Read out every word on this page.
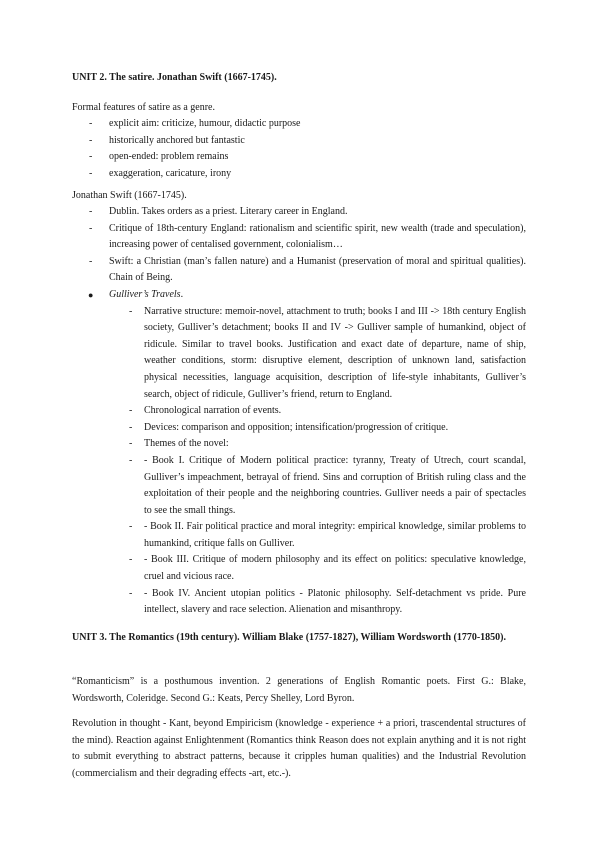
UNIT 2. The satire. Jonathan Swift (1667-1745).
Formal features of satire as a genre.
- explicit aim: criticize, humour, didactic purpose
- historically anchored but fantastic
- open-ended: problem remains
- exaggeration, caricature, irony
Jonathan Swift (1667-1745).
- Dublin. Takes orders as a priest. Literary career in England.
- Critique of 18th-century England: rationalism and scientific spirit, new wealth (trade and speculation), increasing power of centalised government, colonialism…
- Swift: a Christian (man’s fallen nature) and a Humanist (preservation of moral and spiritual qualities). Chain of Being.
● Gulliver’s Travels.
- Narrative structure: memoir-novel, attachment to truth; books I and III -> 18th century English society, Gulliver’s detachment; books II and IV -> Gulliver sample of humankind, object of ridicule. Similar to travel books. Justification and exact date of departure, name of ship, weather conditions, storm: disruptive element, description of unknown land, satisfaction physical necessities, language acquisition, description of life-style inhabitants, Gulliver’s search, object of ridicule, Gulliver’s friend, return to England.
- Chronological narration of events.
- Devices: comparison and opposition; intensification/progression of critique.
- Themes of the novel:
- - Book I. Critique of Modern political practice: tyranny, Treaty of Utrech, court scandal, Gulliver’s impeachment, betrayal of friend. Sins and corruption of British ruling class and the exploitation of their people and the neighboring countries. Gulliver needs a pair of spectacles to see the small things.
- - Book II. Fair political practice and moral integrity: empirical knowledge, similar problems to humankind, critique falls on Gulliver.
- - Book III. Critique of modern philosophy and its effect on politics: speculative knowledge, cruel and vicious race.
- - Book IV. Ancient utopian politics - Platonic philosophy. Self-detachment vs pride. Pure intellect, slavery and race selection. Alienation and misanthropy.
UNIT 3. The Romantics (19th century). William Blake (1757-1827), William Wordsworth (1770-1850).
“Romanticism” is a posthumous invention. 2 generations of English Romantic poets. First G.: Blake, Wordsworth, Coleridge. Second G.: Keats, Percy Shelley, Lord Byron.
Revolution in thought - Kant, beyond Empiricism (knowledge - experience + a priori, trascendental structures of the mind). Reaction against Enlightenment (Romantics think Reason does not explain anything and it is not right to submit everything to abstract patterns, because it cripples human qualities) and the Industrial Revolution (commercialism and their degrading effects -art, etc.-).
